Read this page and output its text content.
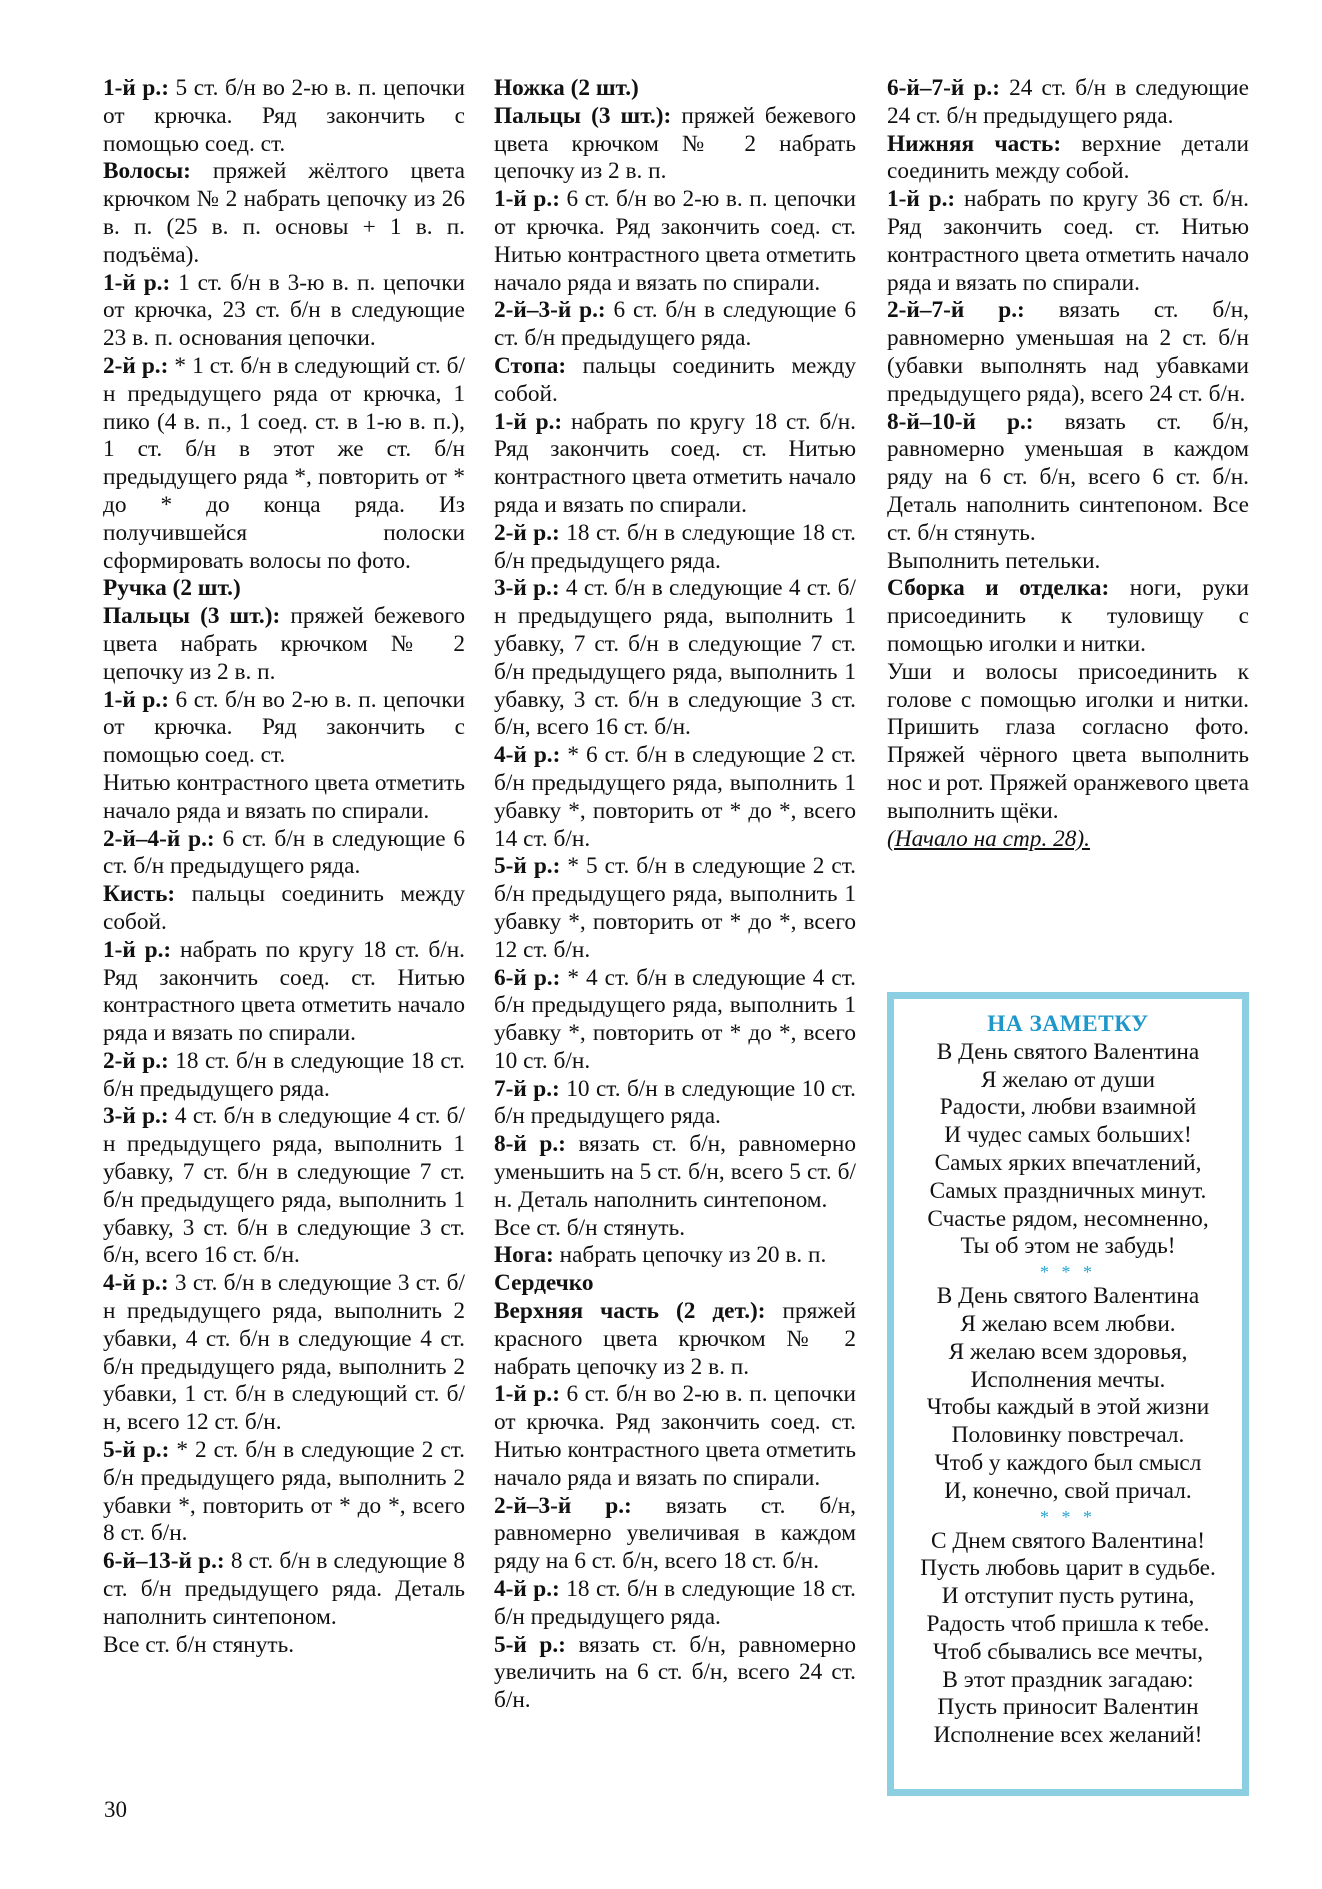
1-й р.: 5 ст. б/н во 2-ю в. п. цепочки от крючка. Ряд закончить с помощью соед. ст.

Волосы: пряжей жёлтого цвета крючком № 2 набрать цепочку из 26 в. п. (25 в. п. основы + 1 в. п. подъёма).

1-й р.: 1 ст. б/н в 3-ю в. п. цепочки от крючка, 23 ст. б/н в следующие 23 в. п. основания цепочки.

2-й р.: * 1 ст. б/н в следующий ст. б/н предыдущего ряда от крючка, 1 пико (4 в. п., 1 соед. ст. в 1-ю в. п.), 1 ст. б/н в этот же ст. б/н предыдущего ряда *, повторить от * до * до конца ряда. Из получившейся полоски сформировать волосы по фото.

Ручка (2 шт.)

Пальцы (3 шт.): пряжей бежевого цвета набрать крючком № 2 цепочку из 2 в. п.

1-й р.: 6 ст. б/н во 2-ю в. п. цепочки от крючка. Ряд закончить с помощью соед. ст.

Нитью контрастного цвета отметить начало ряда и вязать по спирали.

2-й–4-й р.: 6 ст. б/н в следующие 6 ст. б/н предыдущего ряда.

Кисть: пальцы соединить между собой.

1-й р.: набрать по кругу 18 ст. б/н. Ряд закончить соед. ст. Нитью контрастного цвета отметить начало ряда и вязать по спирали.

2-й р.: 18 ст. б/н в следующие 18 ст. б/н предыдущего ряда.

3-й р.: 4 ст. б/н в следующие 4 ст. б/н предыдущего ряда, выполнить 1 убавку, 7 ст. б/н в следующие 7 ст. б/н предыдущего ряда, выполнить 1 убавку, 3 ст. б/н в следующие 3 ст. б/н, всего 16 ст. б/н.

4-й р.: 3 ст. б/н в следующие 3 ст. б/н предыдущего ряда, выполнить 2 убавки, 4 ст. б/н в следующие 4 ст. б/н предыдущего ряда, выполнить 2 убавки, 1 ст. б/н в следующий ст. б/н, всего 12 ст. б/н.

5-й р.: * 2 ст. б/н в следующие 2 ст. б/н предыдущего ряда, выполнить 2 убавки *, повторить от * до *, всего 8 ст. б/н.

6-й–13-й р.: 8 ст. б/н в следующие 8 ст. б/н предыдущего ряда. Деталь наполнить синтепоном.

Все ст. б/н стянуть.

Ножка (2 шт.)

Пальцы (3 шт.): пряжей бежевого цвета крючком № 2 набрать цепочку из 2 в. п.

1-й р.: 6 ст. б/н во 2-ю в. п. цепочки от крючка. Ряд закончить соед. ст. Нитью контрастного цвета отметить начало ряда и вязать по спирали.

2-й–3-й р.: 6 ст. б/н в следующие 6 ст. б/н предыдущего ряда.

Стопа: пальцы соединить между собой.

1-й р.: набрать по кругу 18 ст. б/н. Ряд закончить соед. ст. Нитью контрастного цвета отметить начало ряда и вязать по спирали.

2-й р.: 18 ст. б/н в следующие 18 ст. б/н предыдущего ряда.

3-й р.: 4 ст. б/н в следующие 4 ст. б/н предыдущего ряда, выполнить 1 убавку, 7 ст. б/н в следующие 7 ст. б/н предыдущего ряда, выполнить 1 убавку, 3 ст. б/н в следующие 3 ст. б/н, всего 16 ст. б/н.

4-й р.: * 6 ст. б/н в следующие 2 ст. б/н предыдущего ряда, выполнить 1 убавку *, повторить от * до *, всего 14 ст. б/н.

5-й р.: * 5 ст. б/н в следующие 2 ст. б/н предыдущего ряда, выполнить 1 убавку *, повторить от * до *, всего 12 ст. б/н.

6-й р.: * 4 ст. б/н в следующие 4 ст. б/н предыдущего ряда, выполнить 1 убавку *, повторить от * до *, всего 10 ст. б/н.

7-й р.: 10 ст. б/н в следующие 10 ст. б/н предыдущего ряда.

8-й р.: вязать ст. б/н, равномерно уменьшить на 5 ст. б/н, всего 5 ст. б/н. Деталь наполнить синтепоном.

Все ст. б/н стянуть.

Нога: набрать цепочку из 20 в. п.

Сердечко

Верхняя часть (2 дет.): пряжей красного цвета крючком № 2 набрать цепочку из 2 в. п.

1-й р.: 6 ст. б/н во 2-ю в. п. цепочки от крючка. Ряд закончить соед. ст. Нитью контрастного цвета отметить начало ряда и вязать по спирали.

2-й–3-й р.: вязать ст. б/н, равномерно увеличивая в каждом ряду на 6 ст. б/н, всего 18 ст. б/н.

4-й р.: 18 ст. б/н в следующие 18 ст. б/н предыдущего ряда.

5-й р.: вязать ст. б/н, равномерно увеличить на 6 ст. б/н, всего 24 ст. б/н.

6-й–7-й р.: 24 ст. б/н в следующие 24 ст. б/н предыдущего ряда.

Нижняя часть: верхние детали соединить между собой.

1-й р.: набрать по кругу 36 ст. б/н. Ряд закончить соед. ст. Нитью контрастного цвета отметить начало ряда и вязать по спирали.

2-й–7-й р.: вязать ст. б/н, равномерно уменьшая на 2 ст. б/н (убавки выполнять над убавками предыдущего ряда), всего 24 ст. б/н.

8-й–10-й р.: вязать ст. б/н, равномерно уменьшая в каждом ряду на 6 ст. б/н, всего 6 ст. б/н. Деталь наполнить синтепоном. Все ст. б/н стянуть.

Выполнить петельки.

Сборка и отделка: ноги, руки присоединить к туловищу с помощью иголки и нитки.

Уши и волосы присоединить к голове с помощью иголки и нитки. Пришить глаза согласно фото. Пряжей чёрного цвета выполнить нос и рот. Пряжей оранжевого цвета выполнить щёки.

(Начало на стр. 28).

НА ЗАМЕТКУ

В День святого Валентина

Я желаю от души

Радости, любви взаимной

И чудес самых больших!

Самых ярких впечатлений,

Самых праздничных минут.

Счастье рядом, несомненно,

Ты об этом не забудь!

* * *

В День святого Валентина

Я желаю всем любви.

Я желаю всем здоровья,

Исполнения мечты.

Чтобы каждый в этой жизни

Половинку повстречал.

Чтоб у каждого был смысл

И, конечно, свой причал.

* * *

С Днем святого Валентина!

Пусть любовь царит в судьбе.

И отступит пусть рутина,

Радость чтоб пришла к тебе.

Чтоб сбывались все мечты,

В этот праздник загадаю:

Пусть приносит Валентин

Исполнение всех желаний!

30
